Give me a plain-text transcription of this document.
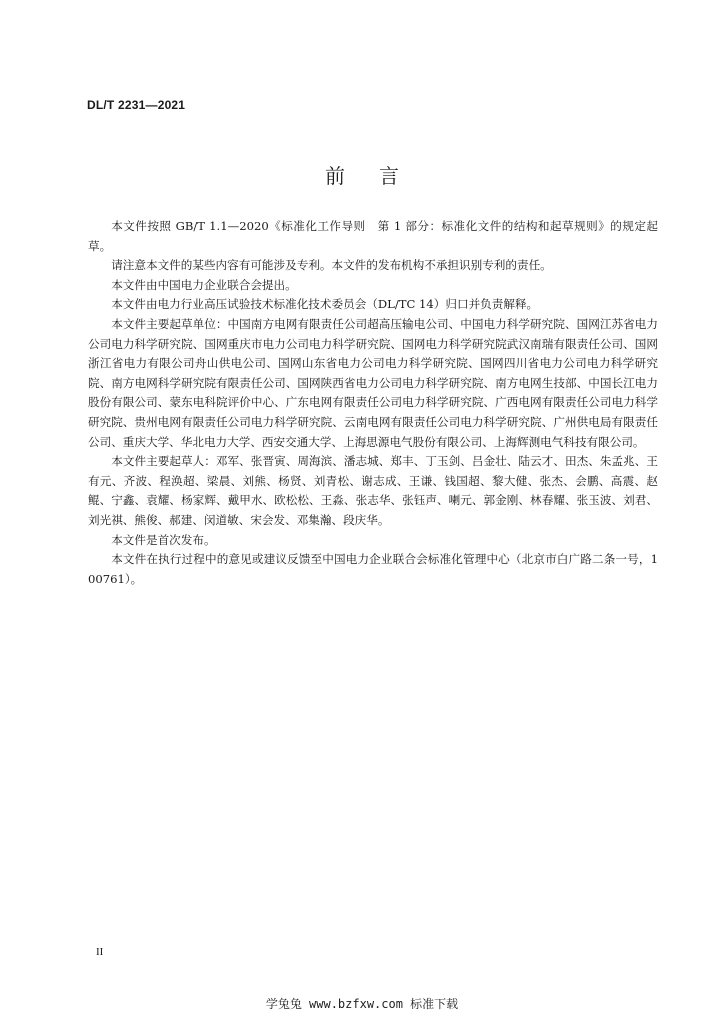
DL/T 2231—2021
前言

本文件按照 GB/T 1.1—2020《标准化工作导则　第 1 部分：标准化文件的结构和起草规则》的规定起草。

请注意本文件的某些内容有可能涉及专利。本文件的发布机构不承担识别专利的责任。

本文件由中国电力企业联合会提出。

本文件由电力行业高压试验技术标准化技术委员会（DL/TC 14）归口并负责解释。

本文件主要起草单位：中国南方电网有限责任公司超高压输电公司、中国电力科学研究院、国网江苏省电力公司电力科学研究院、国网重庆市电力公司电力科学研究院、国网电力科学研究院武汉南瑞有限责任公司、国网浙江省电力有限公司舟山供电公司、国网山东省电力公司电力科学研究院、国网四川省电力公司电力科学研究院、南方电网科学研究院有限责任公司、国网陕西省电力公司电力科学研究院、南方电网生技部、中国长江电力股份有限公司、蒙东电科院评价中心、广东电网有限责任公司电力科学研究院、广西电网有限责任公司电力科学研究院、贵州电网有限责任公司电力科学研究院、云南电网有限责任公司电力科学研究院、广州供电局有限责任公司、重庆大学、华北电力大学、西安交通大学、上海思源电气股份有限公司、上海辉测电气科技有限公司。

本文件主要起草人：邓军、张晋寅、周海滨、潘志城、郑丰、丁玉剑、吕金壮、陆云才、田杰、朱孟兆、王有元、齐波、程涣超、梁晨、刘熊、杨贤、刘青松、谢志成、王谦、钱国超、黎大健、张杰、会鹏、高震、赵鲲、宁鑫、袁耀、杨家辉、戴甲水、欧松松、王淼、张志华、张钰声、喇元、郭金刚、林春耀、张玉波、刘君、刘光祺、熊俊、郝建、闵道敏、宋会发、邓集瀚、段庆华。

本文件是首次发布。

本文件在执行过程中的意见或建议反馈至中国电力企业联合会标准化管理中心（北京市白广路二条一号，100761）。

II
学兔兔 www.bzfxw.com 标准下载
